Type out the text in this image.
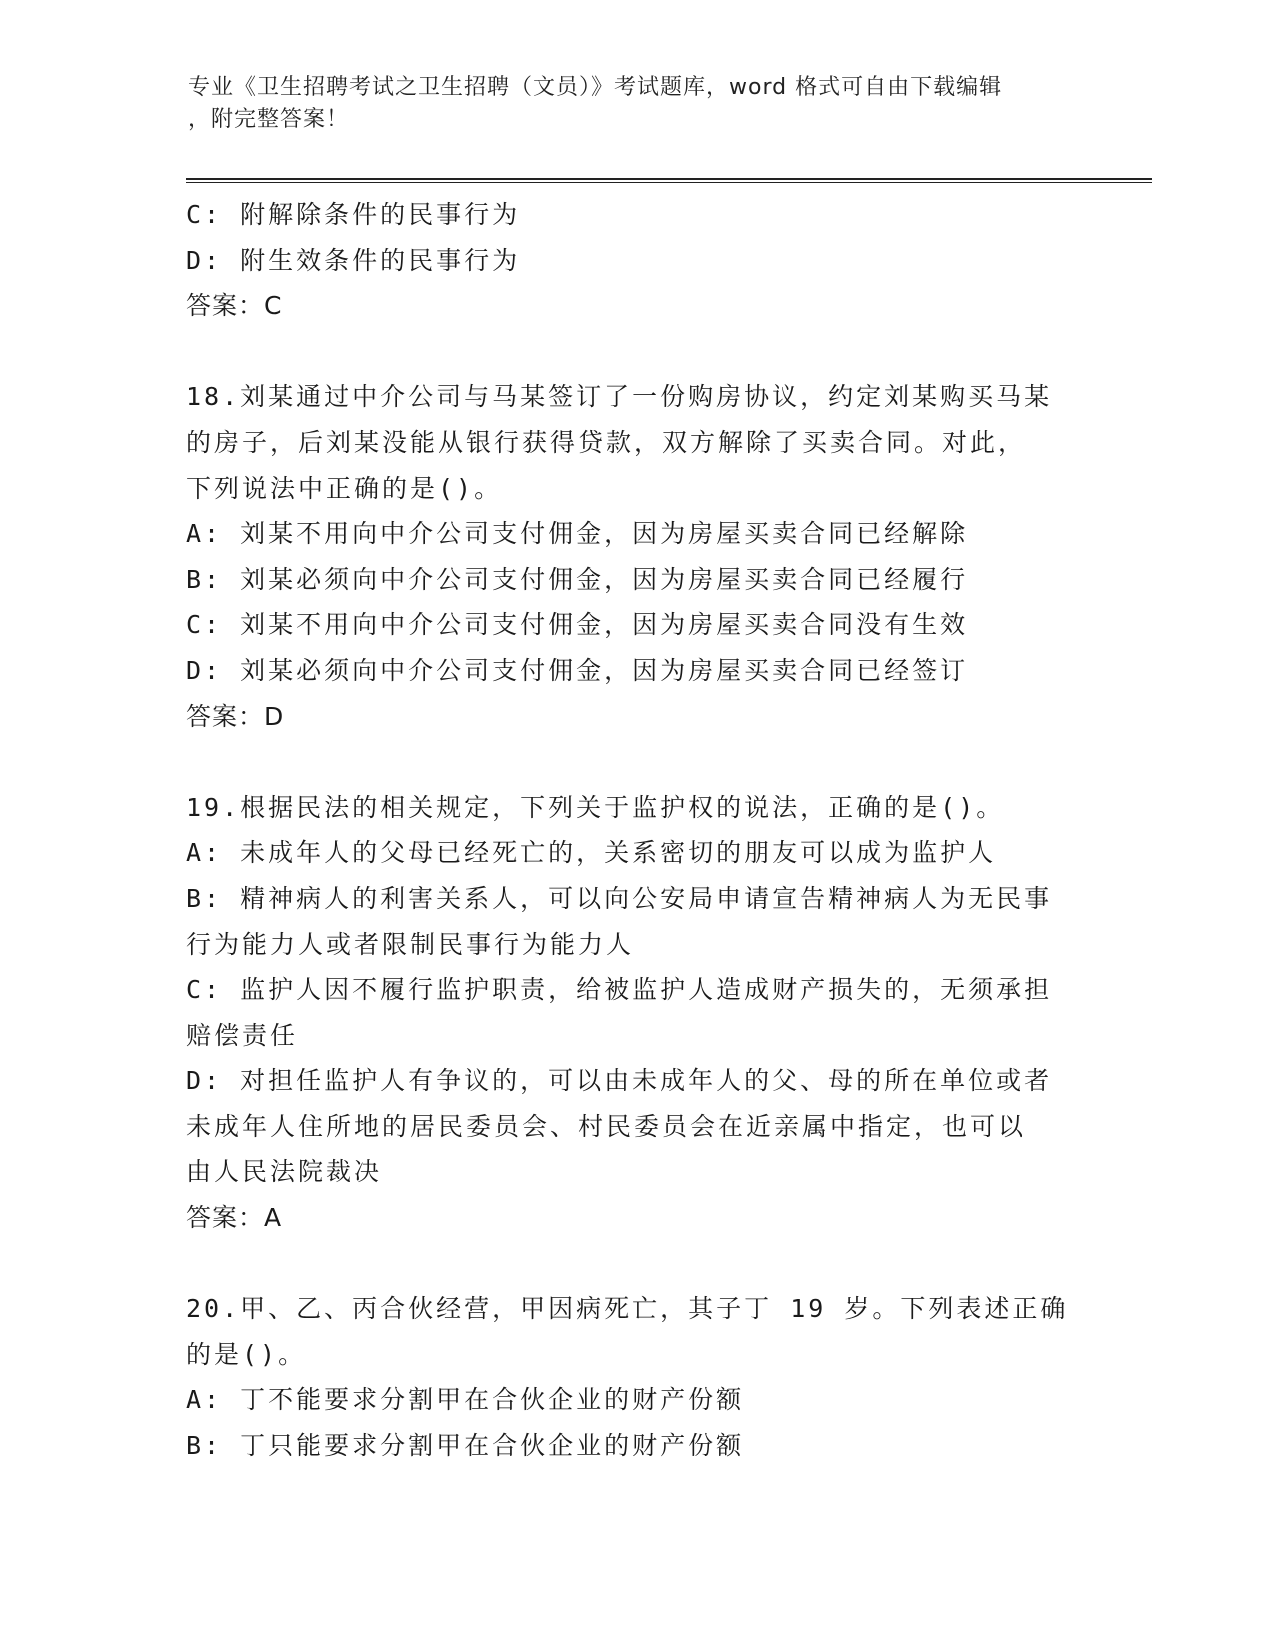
专业《卫生招聘考试之卫生招聘（文员）》考试题库，word 格式可自由下载编辑
，附完整答案！
C: 附解除条件的民事行为
D: 附生效条件的民事行为
答案：C
18.刘某通过中介公司与马某签订了一份购房协议，约定刘某购买马某
的房子，后刘某没能从银行获得贷款，双方解除了买卖合同。对此，
下列说法中正确的是()。
A: 刘某不用向中介公司支付佣金，因为房屋买卖合同已经解除
B: 刘某必须向中介公司支付佣金，因为房屋买卖合同已经履行
C: 刘某不用向中介公司支付佣金，因为房屋买卖合同没有生效
D: 刘某必须向中介公司支付佣金，因为房屋买卖合同已经签订
答案：D
19.根据民法的相关规定，下列关于监护权的说法，正确的是()。
A: 未成年人的父母已经死亡的，关系密切的朋友可以成为监护人
B: 精神病人的利害关系人，可以向公安局申请宣告精神病人为无民事
行为能力人或者限制民事行为能力人
C: 监护人因不履行监护职责，给被监护人造成财产损失的，无须承担
赔偿责任
D: 对担任监护人有争议的，可以由未成年人的父、母的所在单位或者
未成年人住所地的居民委员会、村民委员会在近亲属中指定，也可以
由人民法院裁决
答案：A
20.甲、乙、丙合伙经营，甲因病死亡，其子丁 19 岁。下列表述正确
的是()。
A: 丁不能要求分割甲在合伙企业的财产份额
B: 丁只能要求分割甲在合伙企业的财产份额
